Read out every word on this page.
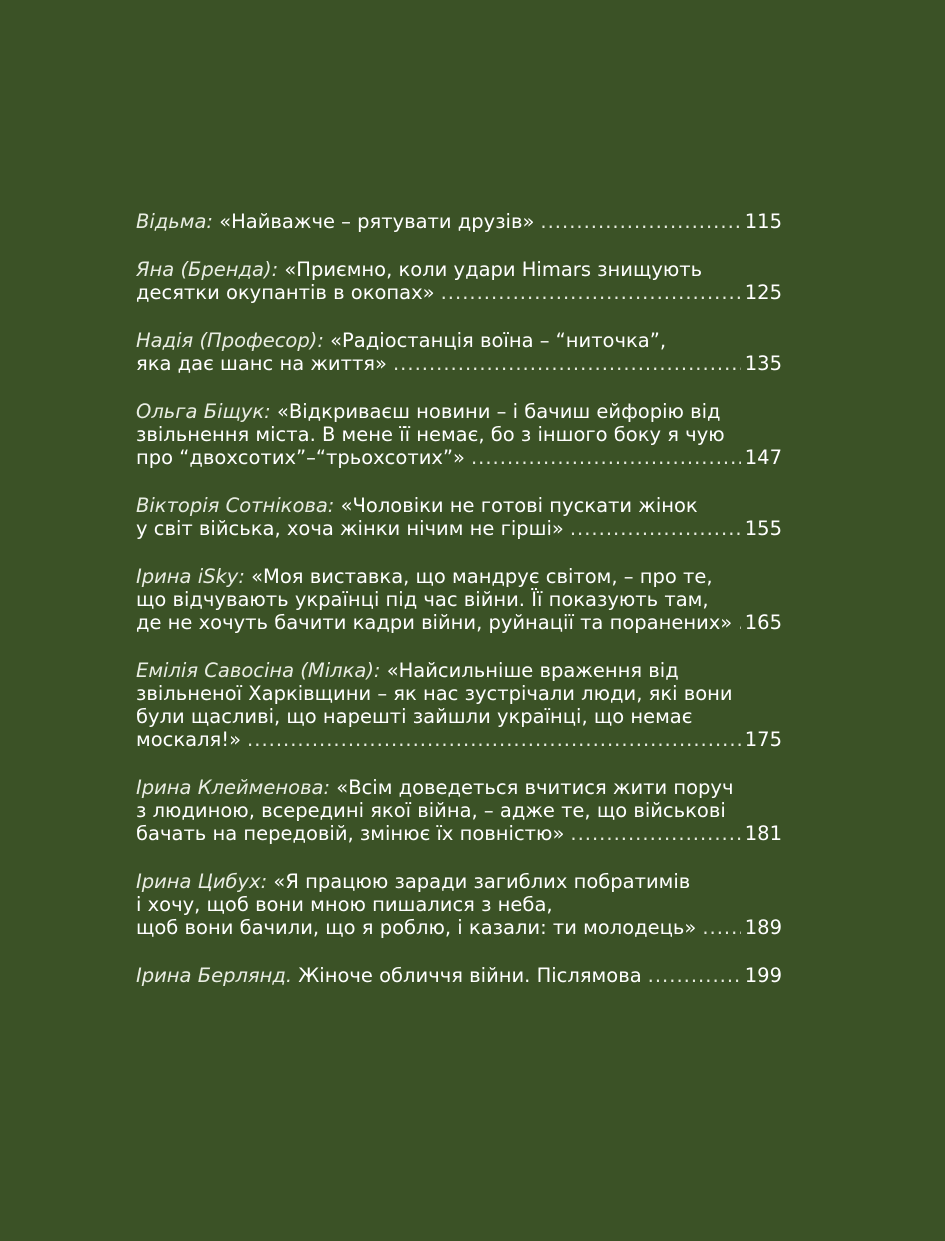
Відьма:
«Найважче – рятувати друзів» .....	115
Яна (Бренда):
«Приємно, коли удари Himars знищують
десятки окупантів в окопах» .....	125
Надія (Професор):
«Радіостанція воїна – “ниточка”,
яка дає шанс на життя» .....	135
Ольга Біщук:
«Відкриваєш новини – і бачиш ейфорію від
звільнення міста. В мене її немає, бо з іншого боку я чую
про “двохсотих”–“трьохсотих”» .....	147
Вікторія Сотнікова:
«Чоловіки не готові пускати жінок
у світ війська, хоча жінки нічим не гірші» .....	155
Ірина iSky:
«Моя виставка, що мандрує світом, – про те,
що відчувають українці під час війни. Її показують там,
де не хочуть бачити кадри війни, руйнації та поранених» ..... 165
Емілія Савосіна (Мілка):
«Найсильніше враження від
звільненої Харківщини – як нас зустрічали люди, які вони
були щасливі, що нарешті зайшли українці, що немає
москаля!» .....	175
Ірина Клейменова:
«Всім доведеться вчитися жити поруч
з людиною, всередині якої війна, – адже те, що військові
бачать на передовій, змінює їх повністю» .....	181
Ірина Цибух:
«Я працюю заради загиблих побратимів
і хочу, щоб вони мною пишалися з неба,
щоб вони бачили, що я роблю, і казали: ти молодець» ..... 189
Ірина Берлянд.
Жіноче обличчя війни. Післямова .....	199
